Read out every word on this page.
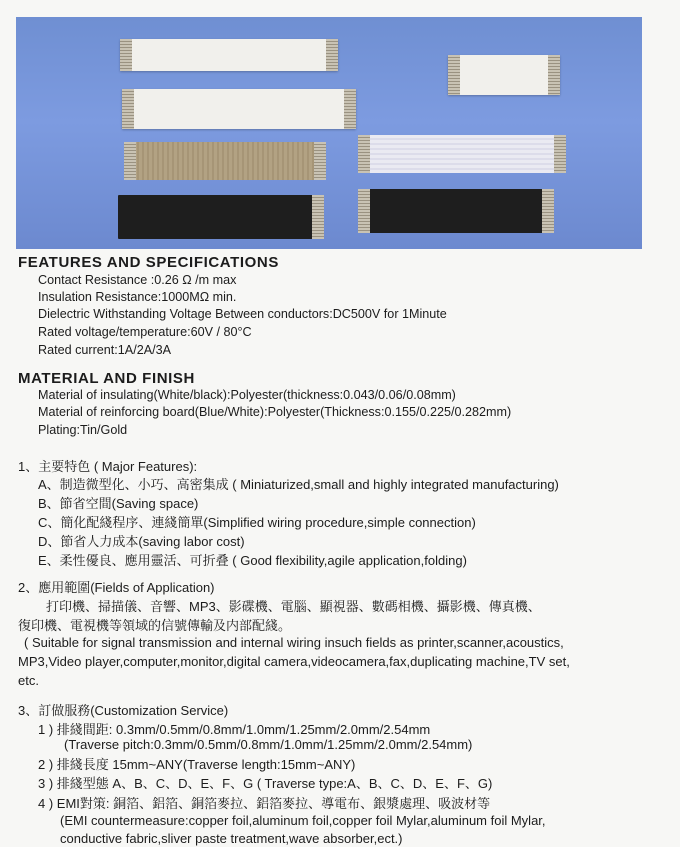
FEATURES AND SPECIFICATIONS
Contact Resistance :0.26 Ω /m max
Insulation Resistance:1000MΩ min.
Dielectric Withstanding Voltage Between conductors:DC500V for 1Minute
Rated voltage/temperature:60V / 80°C
Rated current:1A/2A/3A
MATERIAL AND FINISH
Material of insulating(White/black):Polyester(thickness:0.043/0.06/0.08mm)
Material of reinforcing board(Blue/White):Polyester(Thickness:0.155/0.225/0.282mm)
Plating:Tin/Gold
1、主要特色 ( Major Features):
A、制造微型化、小巧、高密集成 ( Miniaturized,small and highly integrated manufacturing)
B、節省空間(Saving space)
C、簡化配綫程序、連綫簡單(Simplified wiring procedure,simple connection)
D、節省人力成本(saving labor cost)
E、柔性優良、應用靈活、可折叠 ( Good flexibility,agile application,folding)
2、應用範圍(Fields of Application)
打印機、掃描儀、音響、MP3、影碟機、電腦、顯視器、數碼相機、攝影機、傳真機、
復印機、電視機等領域的信號傳輸及内部配綫。
( Suitable for signal transmission and internal wiring insuch fields as printer,scanner,acoustics,
MP3,Video player,computer,monitor,digital camera,videocamera,fax,duplicating machine,TV set,
etc.
3、訂做服務(Customization Service)
1 ) 排綫間距: 0.3mm/0.5mm/0.8mm/1.0mm/1.25mm/2.0mm/2.54mm
(Traverse pitch:0.3mm/0.5mm/0.8mm/1.0mm/1.25mm/2.0mm/2.54mm)
2 ) 排綫長度 15mm~ANY(Traverse length:15mm~ANY)
3 ) 排綫型態 A、B、C、D、E、F、G ( Traverse type:A、B、C、D、E、F、G)
4 ) EMI對策: 銅箔、鋁箔、銅箔麥拉、鋁箔麥拉、導電布、銀漿處理、吸波材等
(EMI countermeasure:copper foil,aluminum foil,copper foil Mylar,aluminum foil Mylar,
conductive fabric,sliver paste treatment,wave absorber,ect.)
